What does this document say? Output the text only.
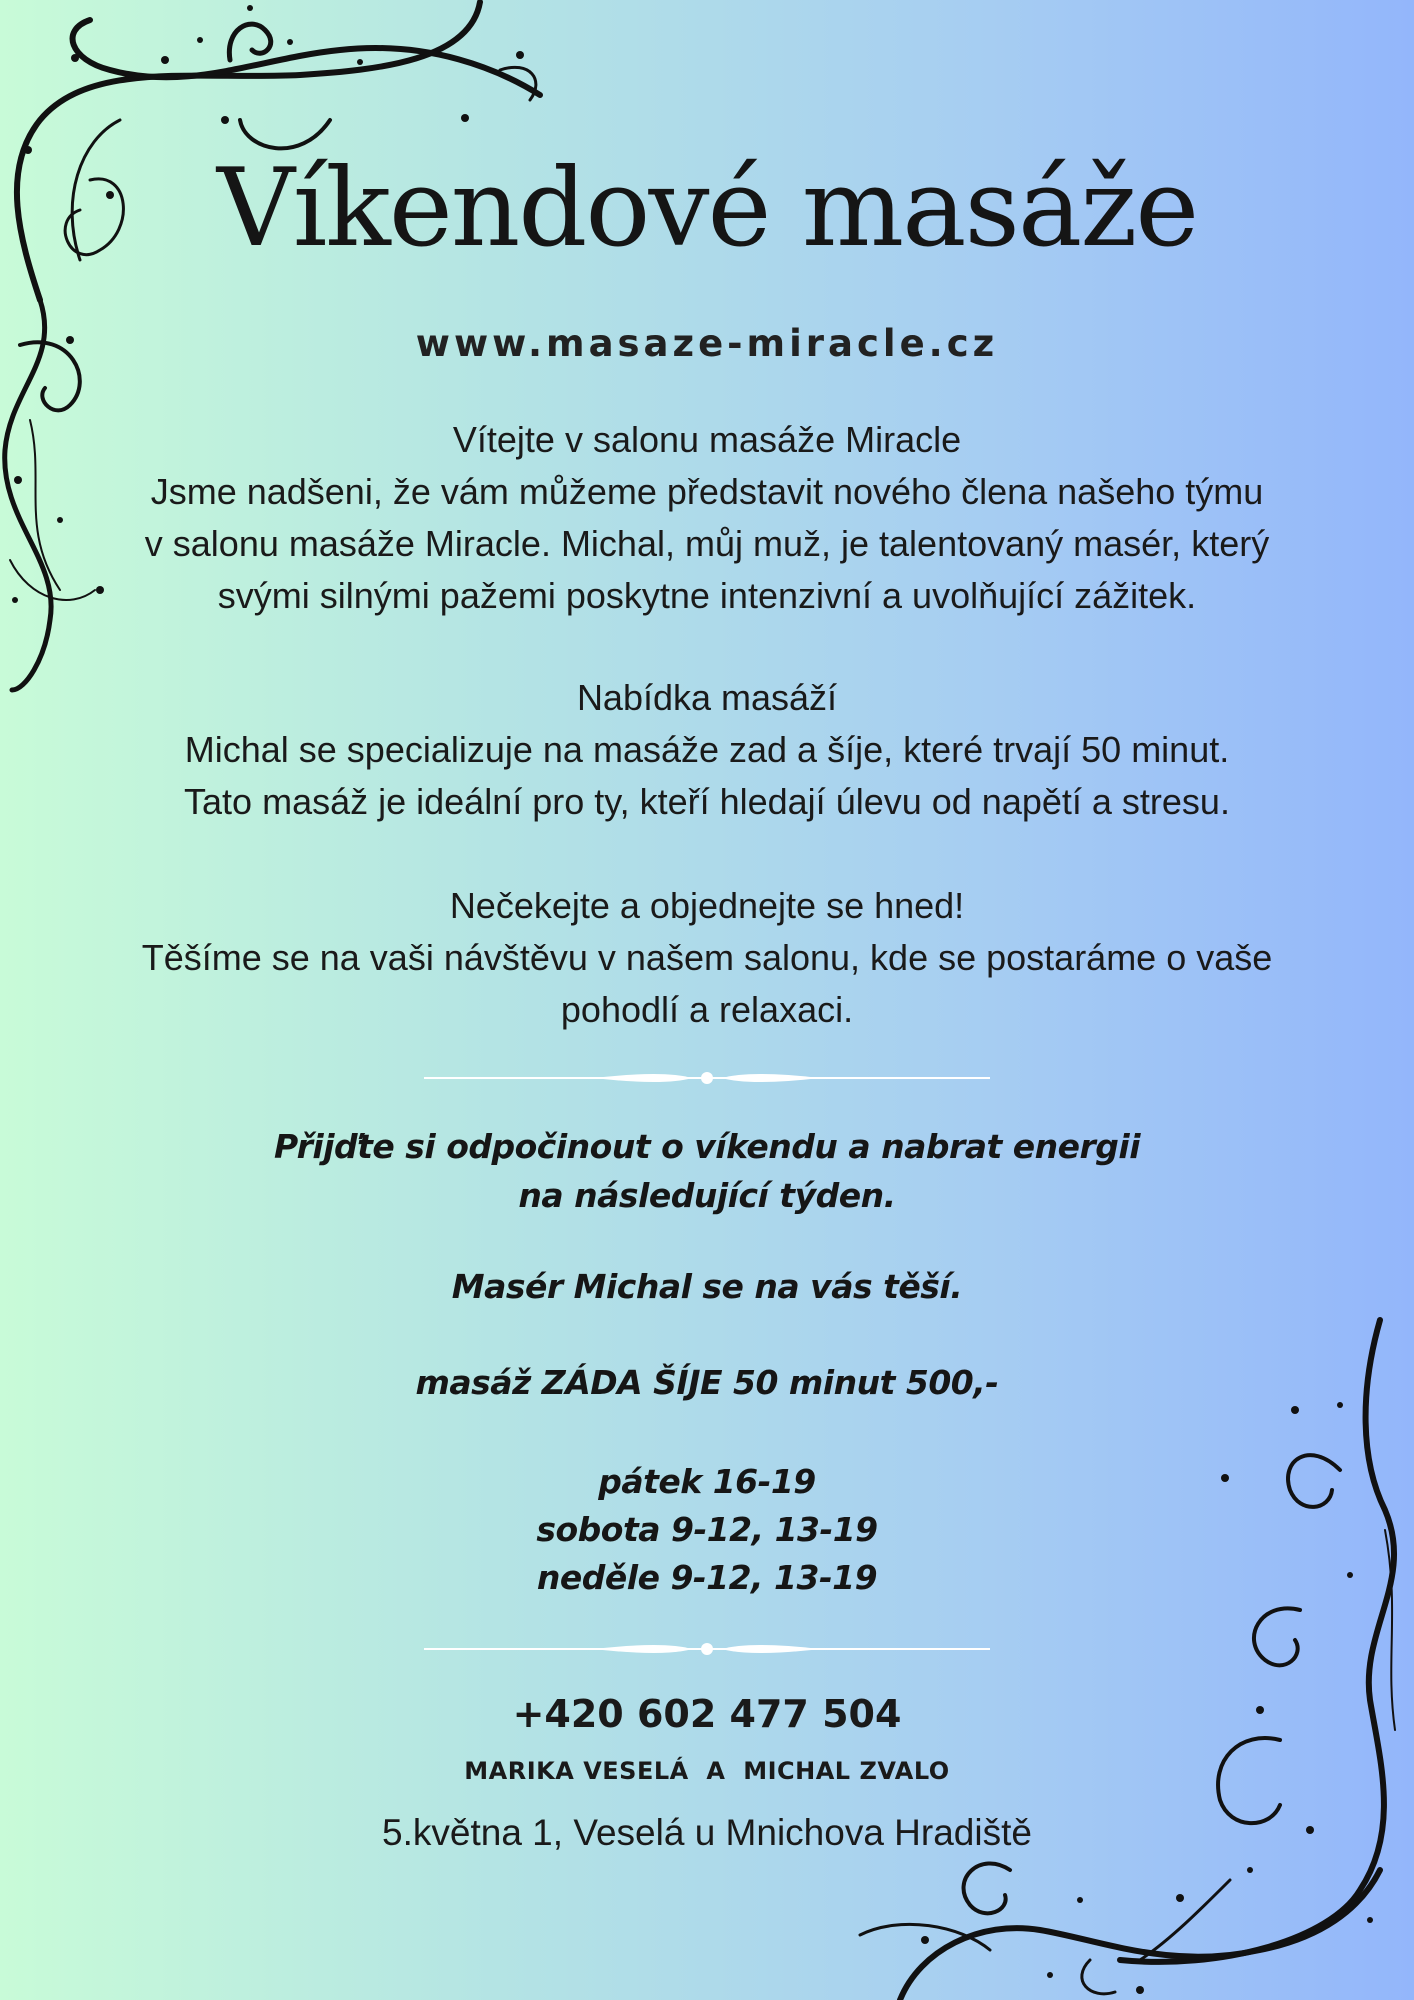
Víkendové masáže
www.masaze-miracle.cz

Vítejte v salonu masáže Miracle

Jsme nadšeni, že vám můžeme představit nového člena našeho týmu

v salonu masáže Miracle. Michal, můj muž, je talentovaný masér, který

svými silnými pažemi poskytne intenzivní a uvolňující zážitek.

Nabídka masáží

Michal se specializuje na masáže zad a šíje, které trvají 50 minut.

Tato masáž je ideální pro ty, kteří hledají úlevu od napětí a stresu.

Nečekejte a objednejte se hned!

Těšíme se na vaši návštěvu v našem salonu, kde se postaráme o vaše

pohodlí a relaxaci.

Přijďte si odpočinout o víkendu a nabrat energii

na následující týden.

Masér Michal se na vás těší.
masáž ZÁDA ŠÍJE 50 minut 500,-

pátek 16-19

sobota 9-12, 13-19

neděle 9-12, 13-19

+420 602 477 504
MARIKA VESELÁ  A  MICHAL ZVALO
5.května 1, Veselá u Mnichova Hradiště
